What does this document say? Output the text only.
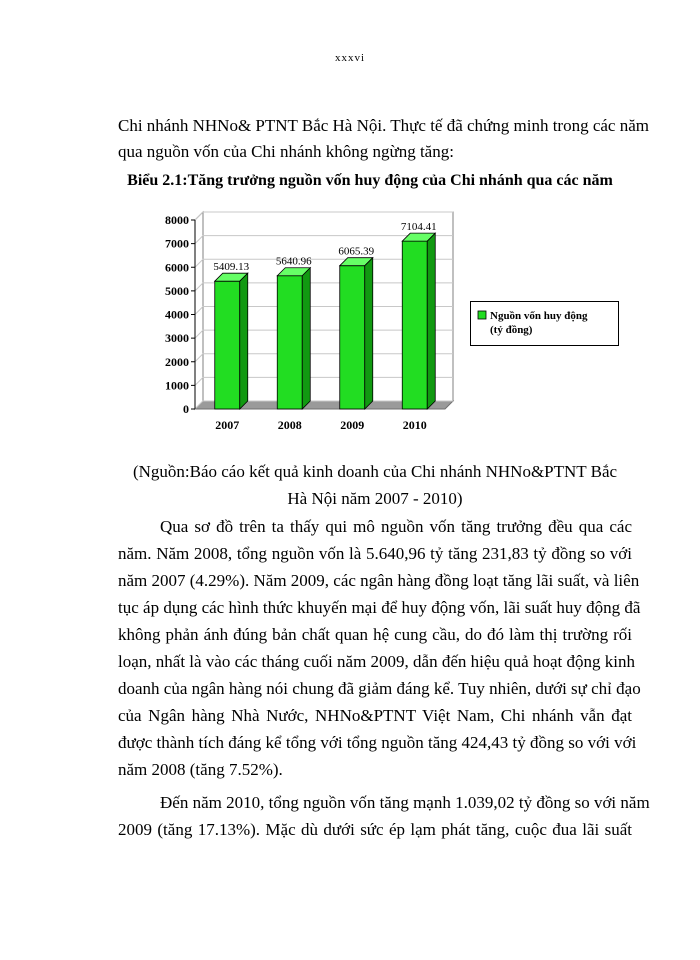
xxxvi
Chi nhánh NHNo& PTNT Bắc Hà Nội. Thực tế đã chứng minh trong các năm
qua nguồn vốn của Chi nhánh không ngừng tăng:
Biểu 2.1:Tăng trưởng nguồn vốn huy động của Chi nhánh qua các năm
0
1000
2000
3000
4000
5000
6000
7000
8000
5409.13
2007
5640.96
2008
6065.39
2009
7104.41
2010
(Nguồn:Báo cáo kết quả kinh doanh của Chi nhánh NHNo&PTNT Bắc
Hà Nội năm 2007 - 2010)
Qua sơ đồ trên ta thấy qui mô nguồn vốn tăng trưởng đều qua các
năm. Năm 2008, tổng nguồn vốn là 5.640,96 tỷ tăng 231,83 tỷ đồng so với
năm 2007 (4.29%). Năm 2009, các ngân hàng đồng loạt tăng lãi suất, và liên
tục áp dụng các hình thức khuyến mại để huy động vốn, lãi suất huy động đã
không phản ánh đúng bản chất quan hệ cung cầu, do đó làm thị trường rối
loạn, nhất là vào các tháng cuối năm 2009, dẫn đến hiệu quả hoạt động kinh
doanh của ngân hàng nói chung đã giảm đáng kể. Tuy nhiên, dưới sự chỉ đạo
của Ngân hàng Nhà Nước, NHNo&PTNT Việt Nam, Chi nhánh vẫn đạt
được thành tích đáng kể tổng với tổng nguồn tăng 424,43 tỷ đồng so với với
năm 2008 (tăng 7.52%).
Đến năm 2010, tổng nguồn vốn tăng mạnh 1.039,02 tỷ đồng so với năm
2009 (tăng 17.13%). Mặc dù dưới sức ép lạm phát tăng, cuộc đua lãi suất
Nguồn vốn huy động
(tỷ đồng)
